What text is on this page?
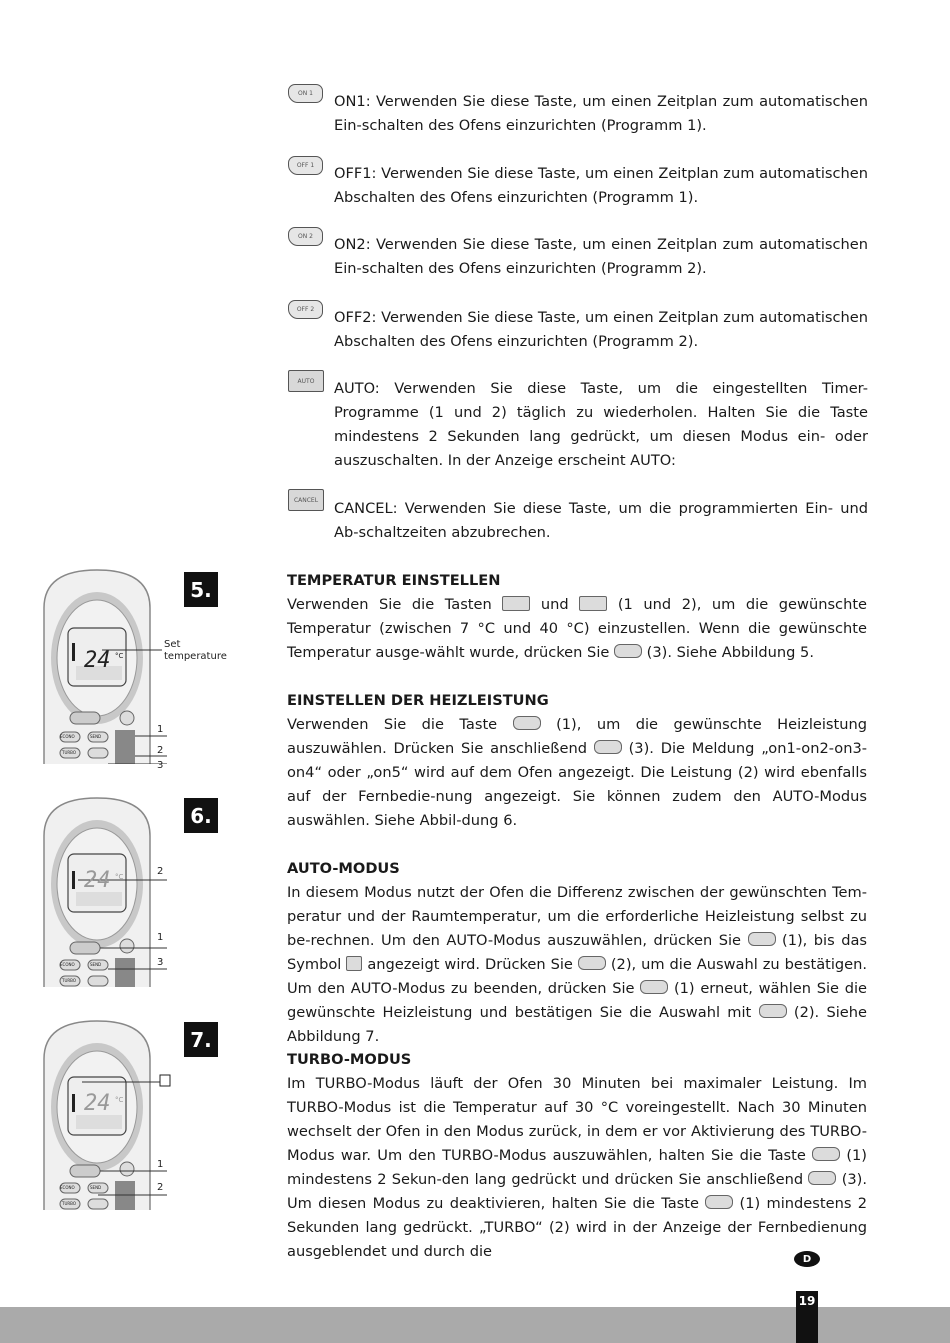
ON 1 ON1: Verwenden Sie diese Taste, um einen Zeitplan zum automatischen Ein-schalten des Ofens einzurichten (Programm 1).

OFF 1 OFF1: Verwenden Sie diese Taste, um einen Zeitplan zum automatischen Abschalten des Ofens einzurichten (Programm 1).

ON 2 ON2: Verwenden Sie diese Taste, um einen Zeitplan zum automatischen Ein-schalten des Ofens einzurichten (Programm 2).

OFF 2 OFF2: Verwenden Sie diese Taste, um einen Zeitplan zum automatischen Abschalten des Ofens einzurichten (Programm 2).

AUTO AUTO: Verwenden Sie diese Taste, um die eingestellten Timer-Programme (1 und 2) täglich zu wiederholen. Halten Sie die Taste mindestens 2 Sekunden lang gedrückt, um diesen Modus ein- oder auszuschalten. In der Anzeige erscheint AUTO:

CANCEL CANCEL: Verwenden Sie diese Taste, um die programmierten Ein- und Ab-schaltzeiten abzubrechen.

TEMPERATUR EINSTELLEN

Verwenden Sie die Tasten	und	(1 und 2), um die gewünschte Temperatur (zwischen 7 °C und 40 °C) einzustellen. Wenn die gewünschte Temperatur ausge-wählt wurde, drücken Sie	(3). Siehe Abbildung 5.

EINSTELLEN DER HEIZLEISTUNG

Verwenden Sie die Taste	(1), um die gewünschte Heizleistung auszuwählen. Drücken Sie anschließend	(3). Die Meldung „on1-on2-on3-on4“ oder „on5“ wird auf dem Ofen angezeigt. Die Leistung (2) wird ebenfalls auf der Fernbedie-nung angezeigt. Sie können zudem den AUTO-Modus auswählen. Siehe Abbil-dung 6.

AUTO-MODUS

In diesem Modus nutzt der Ofen die Differenz zwischen der gewünschten Tem-peratur und der Raumtemperatur, um die erforderliche Heizleistung selbst zu be-rechnen. Um den AUTO-Modus auszuwählen, drücken Sie	(1), bis das Symbol angezeigt wird. Drücken Sie	(2), um die Auswahl zu bestätigen. Um den AUTO-Modus zu beenden, drücken Sie	(1) erneut, wählen Sie die gewünschte Heizleistung und bestätigen Sie die Auswahl mit	(2). Siehe Abbildung 7.

TURBO-MODUS

Im TURBO-Modus läuft der Ofen 30 Minuten bei maximaler Leistung. Im TURBO-Modus ist die Temperatur auf 30 °C voreingestellt. Nach 30 Minuten wechselt der Ofen in den Modus zurück, in dem er vor Aktivierung des TURBO-Modus war. Um den TURBO-Modus auszuwählen, halten Sie die Taste	(1) mindestens 2 Sekun-den lang gedrückt und drücken Sie anschließend	(3). Um diesen Modus zu deaktivieren, halten Sie die Taste	(1) mindestens 2 Sekunden lang gedrückt. „TURBO“ (2) wird in der Anzeige der Fernbedienung ausgeblendet und durch die

5.
24 °C
ECONO	SEND
TURBO
Set
temperature
1
2
3
6.
24 °C
ECONO	SEND
TURBO
2
1
3
7.
24 °C
ECONO	SEND
TURBO
1
2
D
19
